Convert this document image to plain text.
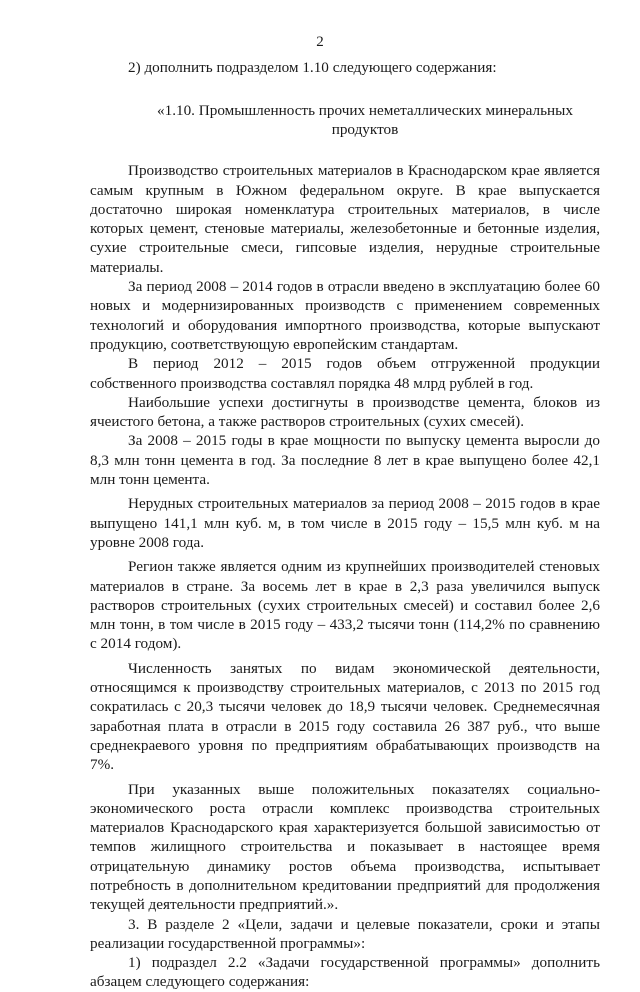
2

2) дополнить подразделом 1.10 следующего содержания:

«1.10. Промышленность прочих неметаллических минеральных продуктов

Производство строительных материалов в Краснодарском крае является самым крупным в Южном федеральном округе. В крае выпускается достаточно широкая номенклатура строительных материалов, в числе которых цемент, стеновые материалы, железобетонные и бетонные изделия, сухие строительные смеси, гипсовые изделия, нерудные строительные материалы.

За период 2008 – 2014 годов в отрасли введено в эксплуатацию более 60 новых и модернизированных производств с применением современных технологий и оборудования импортного производства, которые выпускают продукцию, соответствующую европейским стандартам.

В период 2012 – 2015 годов объем отгруженной продукции собственного производства составлял порядка 48 млрд рублей в год.

Наибольшие успехи достигнуты в производстве цемента, блоков из ячеистого бетона, а также растворов строительных (сухих смесей).

За 2008 – 2015 годы в крае мощности по выпуску цемента выросли до 8,3 млн тонн цемента в год. За последние 8 лет в крае выпущено более 42,1 млн тонн цемента.

Нерудных строительных материалов за период 2008 – 2015 годов в крае выпущено 141,1 млн куб. м, в том числе в 2015 году – 15,5 млн куб. м на уровне 2008 года.

Регион также является одним из крупнейших производителей стеновых материалов в стране. За восемь лет в крае в 2,3 раза увеличился выпуск растворов строительных (сухих строительных смесей) и составил более 2,6 млн тонн, в том числе в 2015 году – 433,2 тысячи тонн (114,2% по сравнению с 2014 годом).

Численность занятых по видам экономической деятельности, относящимся к производству строительных материалов, с 2013 по 2015 год сократилась с 20,3 тысячи человек до 18,9 тысячи человек. Среднемесячная заработная плата в отрасли в 2015 году составила 26 387 руб., что выше среднекраевого уровня по предприятиям обрабатывающих производств на 7%.

При указанных выше положительных показателях социально-экономического роста отрасли комплекс производства строительных материалов Краснодарского края характеризуется большой зависимостью от темпов жилищного строительства и показывает в настоящее время отрицательную динамику ростов объема производства, испытывает потребность в дополнительном кредитовании предприятий для продолжения текущей деятельности предприятий.».

3. В разделе 2 «Цели, задачи и целевые показатели, сроки и этапы реализации государственной программы»:

1) подраздел 2.2 «Задачи государственной программы» дополнить абзацем следующего содержания:
